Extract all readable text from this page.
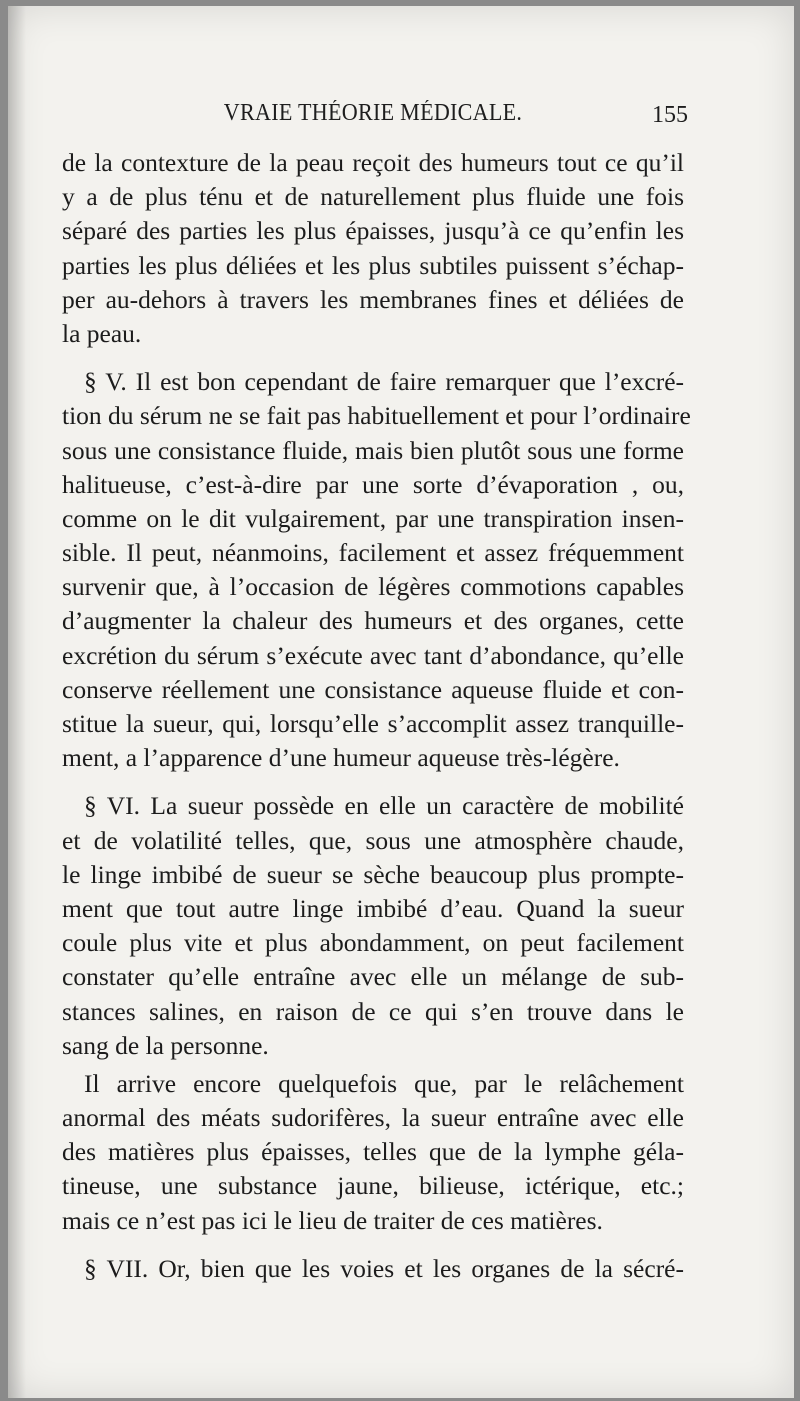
VRAIE THÉORIE MÉDICALE.	155
de la contexture de la peau reçoit des humeurs tout ce qu’il
y a de plus ténu et de naturellement plus fluide une fois
séparé des parties les plus épaisses, jusqu’à ce qu’enfin les
parties les plus déliées et les plus subtiles puissent s’échap-
per au-dehors à travers les membranes fines et déliées de
la peau.
§ V. Il est bon cependant de faire remarquer que l’excré-
tion du sérum ne se fait pas habituellement et pour l’ordinaire
sous une consistance fluide, mais bien plutôt sous une forme
halitueuse, c’est-à-dire par une sorte d’évaporation , ou,
comme on le dit vulgairement, par une transpiration insen-
sible. Il peut, néanmoins, facilement et assez fréquemment
survenir que, à l’occasion de légères commotions capables
d’augmenter la chaleur des humeurs et des organes, cette
excrétion du sérum s’exécute avec tant d’abondance, qu’elle
conserve réellement une consistance aqueuse fluide et con-
stitue la sueur, qui, lorsqu’elle s’accomplit assez tranquille-
ment, a l’apparence d’une humeur aqueuse très-légère.
§ VI. La sueur possède en elle un caractère de mobilité
et de volatilité telles, que, sous une atmosphère chaude,
le linge imbibé de sueur se sèche beaucoup plus prompte-
ment que tout autre linge imbibé d’eau. Quand la sueur
coule plus vite et plus abondamment, on peut facilement
constater qu’elle entraîne avec elle un mélange de sub-
stances salines, en raison de ce qui s’en trouve dans le
sang de la personne.
Il arrive encore quelquefois que, par le relâchement
anormal des méats sudorifères, la sueur entraîne avec elle
des matières plus épaisses, telles que de la lymphe géla-
tineuse, une substance jaune, bilieuse, ictérique, etc.;
mais ce n’est pas ici le lieu de traiter de ces matières.
§ VII. Or, bien que les voies et les organes de la sécré-
